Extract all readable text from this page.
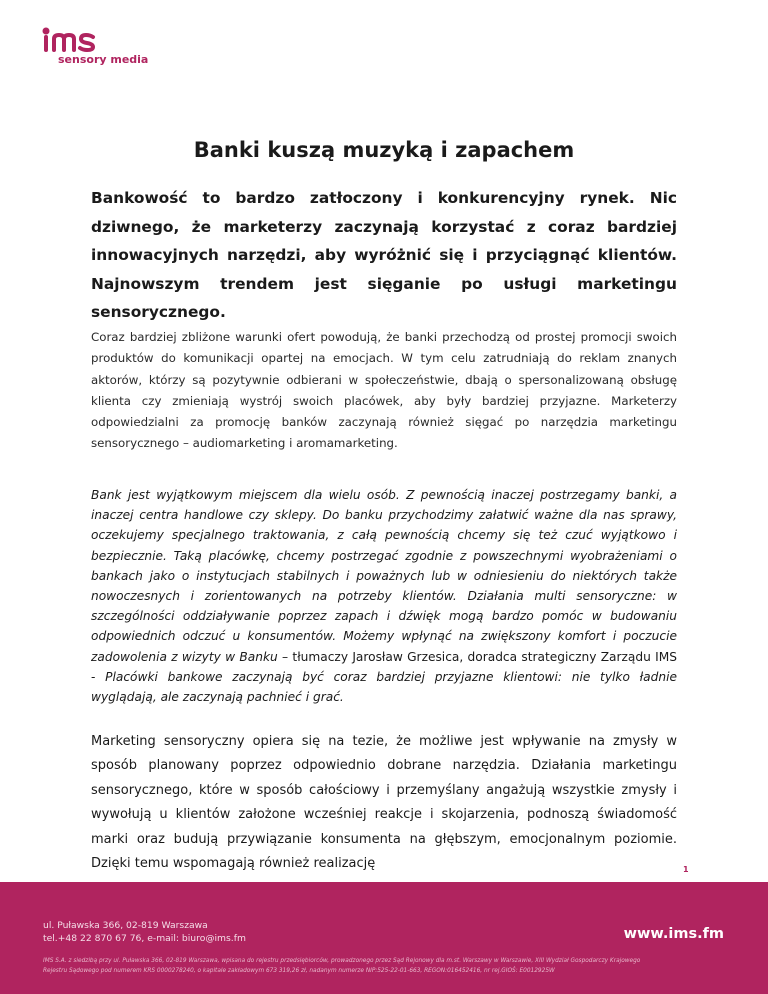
sensory media
Banki kuszą muzyką i zapachem

Bankowość to bardzo zatłoczony i konkurencyjny rynek. Nic dziwnego, że marketerzy zaczynają korzystać z coraz bardziej innowacyjnych narzędzi, aby wyróżnić się i przyciągnąć klientów. Najnowszym trendem jest sięganie po usługi marketingu sensorycznego.

Coraz bardziej zbliżone warunki ofert powodują, że banki przechodzą od prostej promocji swoich produktów do komunikacji opartej na emocjach. W tym celu zatrudniają do reklam znanych aktorów, którzy są pozytywnie odbierani w społeczeństwie, dbają o spersonalizowaną obsługę klienta czy zmieniają wystrój swoich placówek, aby były bardziej przyjazne. Marketerzy odpowiedzialni za promocję banków zaczynają również sięgać po narzędzia marketingu sensorycznego – audiomarketing i aromamarketing.

Bank jest wyjątkowym miejscem dla wielu osób. Z pewnością inaczej postrzegamy banki, a inaczej centra handlowe czy sklepy. Do banku przychodzimy załatwić ważne dla nas sprawy, oczekujemy specjalnego traktowania, z całą pewnością chcemy się też czuć wyjątkowo i bezpiecznie. Taką placówkę, chcemy postrzegać zgodnie z powszechnymi wyobrażeniami o bankach jako o instytucjach stabilnych i poważnych lub w odniesieniu do niektórych także nowoczesnych i zorientowanych na potrzeby klientów. Działania multi sensoryczne: w szczególności oddziaływanie poprzez zapach i dźwięk mogą bardzo pomóc w budowaniu odpowiednich odczuć u konsumentów. Możemy wpłynąć na zwiększony komfort i poczucie zadowolenia z wizyty w Banku – tłumaczy Jarosław Grzesica, doradca strategiczny Zarządu IMS - Placówki bankowe zaczynają być coraz bardziej przyjazne klientowi: nie tylko ładnie wyglądają, ale zaczynają pachnieć i grać.

Marketing sensoryczny opiera się na tezie, że możliwe jest wpływanie na zmysły w sposób planowany poprzez odpowiednio dobrane narzędzia. Działania marketingu sensorycznego, które w sposób całościowy i przemyślany angażują wszystkie zmysły i wywołują u klientów założone wcześniej reakcje i skojarzenia, podnoszą świadomość marki oraz budują przywiązanie konsumenta na głębszym, emocjonalnym poziomie. Dzięki temu wspomagają również realizację	1
ul. Puławska 366, 02-819 Warszawa
tel.+48 22 870 67 76, e-mail: biuro@ims.fm	www.ims.fm
IMS S.A. z siedzibą przy ul. Puławska 366, 02-819 Warszawa, wpisana do rejestru przedsiębiorców, prowadzonego przez Sąd Rejonowy dla m.st. Warszawy w Warszawie, XIII Wydział Gospodarczy Krajowego
Rejestru Sądowego pod numerem KRS 0000278240, o kapitale zakładowym 673 319,26 zł, nadanym numerze NIP:525-22-01-663, REGON:016452416, nr rej.GIOŚ: E0012925W
